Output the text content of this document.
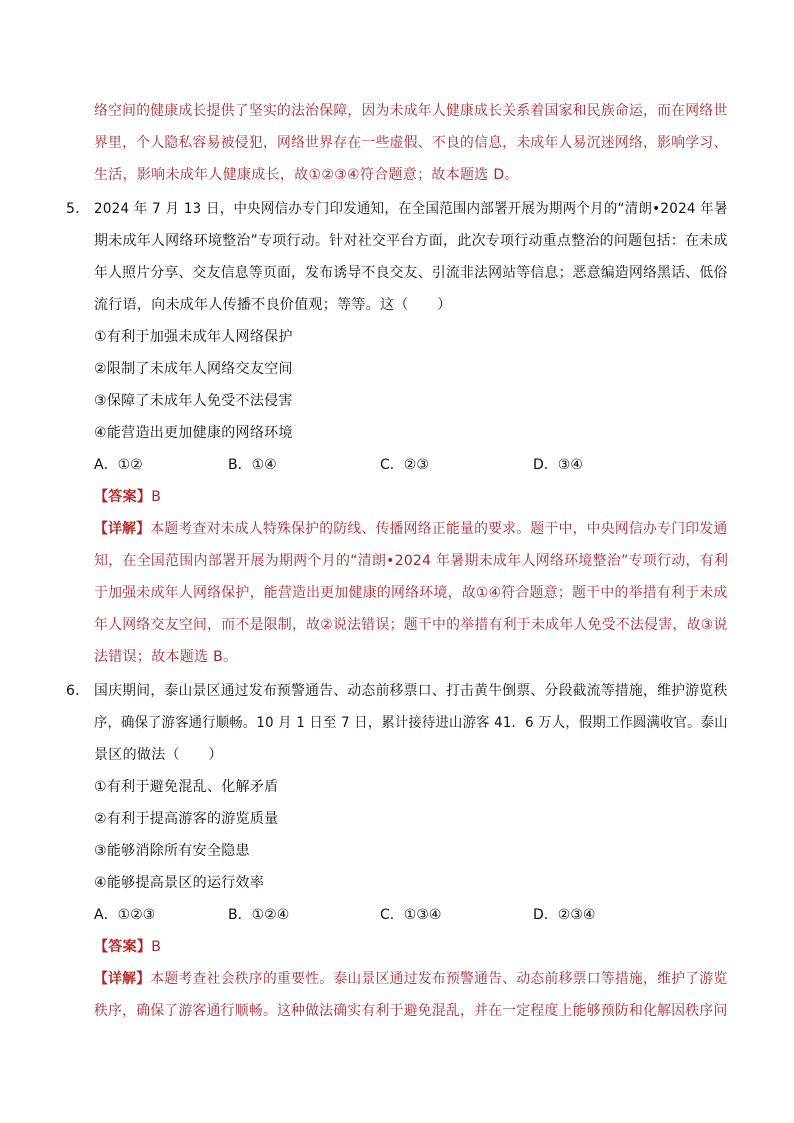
络空间的健康成长提供了坚实的法治保障，因为未成年人健康成长关系着国家和民族命运，而在网络世
界里，个人隐私容易被侵犯，网络世界存在一些虚假、不良的信息，未成年人易沉迷网络，影响学习、
生活，影响未成年人健康成长，故①②③④符合题意；故本题选 D。
5． 2024 年 7 月 13 日，中央网信办专门印发通知，在全国范围内部署开展为期两个月的“清朗•2024 年暑
期未成年人网络环境整治”专项行动。针对社交平台方面，此次专项行动重点整治的问题包括：在未成
年人照片分享、交友信息等页面，发布诱导不良交友、引流非法网站等信息；恶意编造网络黑话、低俗
流行语，向未成年人传播不良价值观；等等。这（　　）
①有利于加强未成年人网络保护
②限制了未成年人网络交友空间
③保障了未成年人免受不法侵害
④能营造出更加健康的网络环境
A．①②	B．①④	C．②③	D．③④
【答案】B
【详解】本题考查对未成人特殊保护的防线、传播网络正能量的要求。题干中，中央网信办专门印发通
知，在全国范围内部署开展为期两个月的“清朗•2024 年暑期未成年人网络环境整治”专项行动，有利
于加强未成年人网络保护，能营造出更加健康的网络环境，故①④符合题意；题干中的举措有利于未成
年人网络交友空间，而不是限制，故②说法错误；题干中的举措有利于未成年人免受不法侵害，故③说
法错误；故本题选 B。
6． 国庆期间，泰山景区通过发布预警通告、动态前移票口、打击黄牛倒票、分段截流等措施，维护游览秩
序，确保了游客通行顺畅。10 月 1 日至 7 日，累计接待进山游客 41．6 万人，假期工作圆满收官。泰山
景区的做法（　　）
①有利于避免混乱、化解矛盾
②有利于提高游客的游览质量
③能够消除所有安全隐患
④能够提高景区的运行效率
A．①②③	B．①②④	C．①③④	D．②③④
【答案】B
【详解】本题考查社会秩序的重要性。泰山景区通过发布预警通告、动态前移票口等措施，维护了游览
秩序，确保了游客通行顺畅。这种做法确实有利于避免混乱，并在一定程度上能够预防和化解因秩序问
